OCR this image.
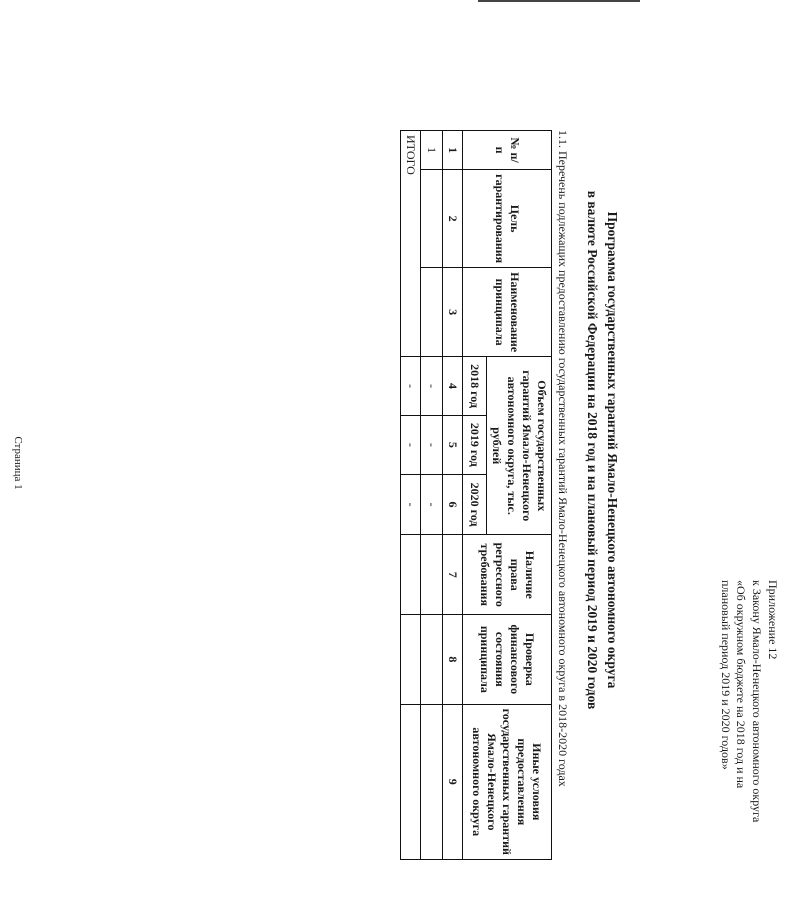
Страница 1
Приложение 12
к Закону Ямало-Ненецкого автономного округа
«Об окружном бюджете на 2018 год и на
плановый период 2019 и 2020 годов»
Программа государственных гарантий Ямало-Ненецкого автономного округа
в валюте Российской Федерации на 2018 год и на плановый период 2019 и 2020 годов
1.1. Перечень подлежащих предоставлению государственных гарантий Ямало-Ненецкого автономного округа в 2018-2020 годах
№ п/п	Цель гарантирования	Наименование принципала	Объем государственных гарантий Ямало-Ненецкого автономного округа, тыс. рублей			Наличие права регрессного требования	Проверка финансового состояния принципала	Иные условия предоставления государственных гарантий Ямало-Ненецкого автономного округа
			2018 год	2019 год	2020 год			
1	2	3	4	5	6	7	8	9
1			-	-	-			
ИТОГО			-	-	-			
